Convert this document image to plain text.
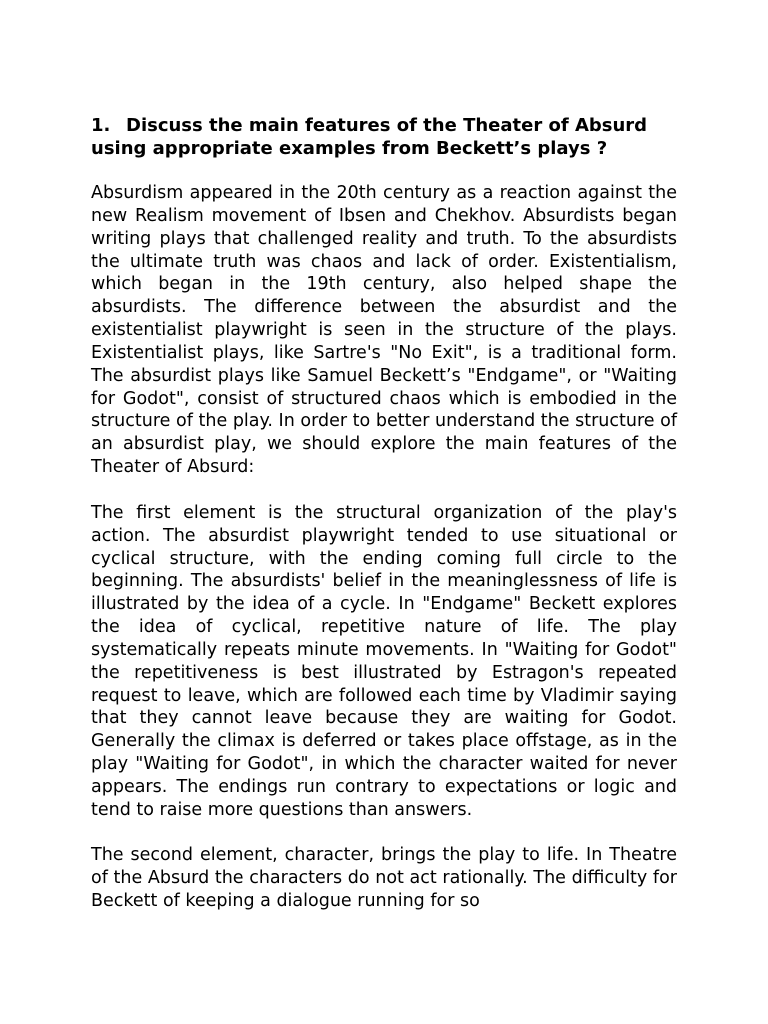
1. Discuss the main features of the Theater of Absurd using appropriate examples from Beckett’s plays ?

Absurdism appeared in the 20th century as a reaction against the new Realism movement of Ibsen and Chekhov. Absurdists began writing plays that challenged reality and truth. To the absurdists the ultimate truth was chaos and lack of order. Existentialism, which began in the 19th century, also helped shape the absurdists. The difference between the absurdist and the existentialist playwright is seen in the structure of the plays. Existentialist plays, like Sartre's "No Exit", is a traditional form. The absurdist plays like Samuel Beckett’s "Endgame", or "Waiting for Godot", consist of structured chaos which is embodied in the structure of the play. In order to better understand the structure of an absurdist play, we should explore the main features of the Theater of Absurd:

The first element is the structural organization of the play's action. The absurdist playwright tended to use situational or cyclical structure, with the ending coming full circle to the beginning. The absurdists' belief in the meaninglessness of life is illustrated by the idea of a cycle. In "Endgame" Beckett explores the idea of cyclical, repetitive nature of life. The play systematically repeats minute movements. In "Waiting for Godot" the repetitiveness is best illustrated by Estragon's repeated request to leave, which are followed each time by Vladimir saying that they cannot leave because they are waiting for Godot. Generally the climax is deferred or takes place offstage, as in the play "Waiting for Godot", in which the character waited for never appears. The endings run contrary to expectations or logic and tend to raise more questions than answers.

The second element, character, brings the play to life. In Theatre of the Absurd the characters do not act rationally. The difficulty for Beckett of keeping a dialogue running for so
